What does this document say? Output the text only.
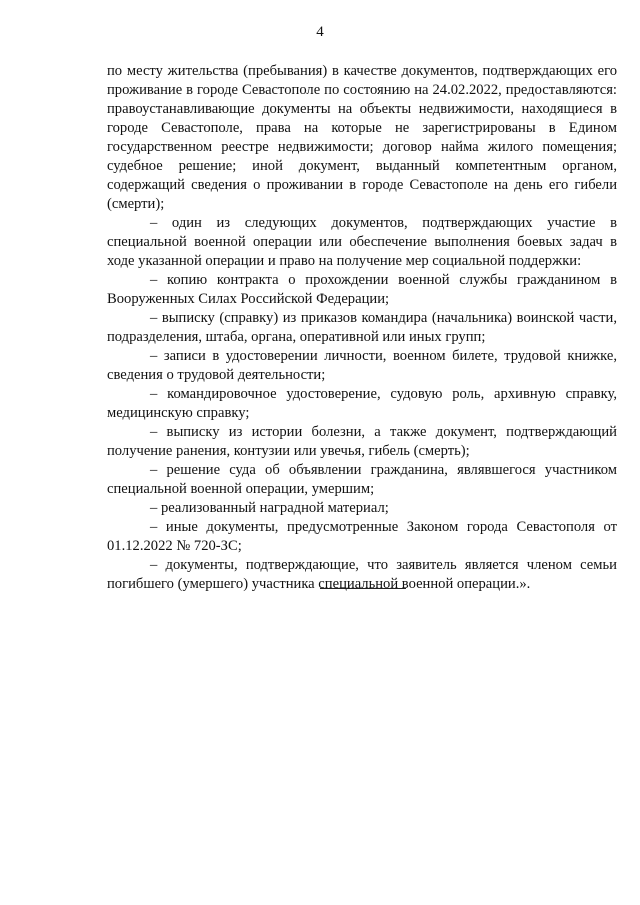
4

по месту жительства (пребывания) в качестве документов, подтверждающих его проживание в городе Севастополе по состоянию на 24.02.2022, предоставляются: правоустанавливающие документы на объекты недвижимости, находящиеся в городе Севастополе, права на которые не зарегистрированы в Едином государственном реестре недвижимости; договор найма жилого помещения; судебное решение; иной документ, выданный компетентным органом, содержащий сведения о проживании в городе Севастополе на день его гибели (смерти);

– один из следующих документов, подтверждающих участие в специальной военной операции или обеспечение выполнения боевых задач в ходе указанной операции и право на получение мер социальной поддержки:

– копию контракта о прохождении военной службы гражданином в Вооруженных Силах Российской Федерации;

– выписку (справку) из приказов командира (начальника) воинской части, подразделения, штаба, органа, оперативной или иных групп;

– записи в удостоверении личности, военном билете, трудовой книжке, сведения о трудовой деятельности;

– командировочное удостоверение, судовую роль, архивную справку, медицинскую справку;

– выписку из истории болезни, а также документ, подтверждающий получение ранения, контузии или увечья, гибель (смерть);

– решение суда об объявлении гражданина, являвшегося участником специальной военной операции, умершим;

– реализованный наградной материал;

– иные документы, предусмотренные Законом города Севастополя от 01.12.2022 № 720-ЗС;

– документы, подтверждающие, что заявитель является членом семьи погибшего (умершего) участника специальной военной операции.».
